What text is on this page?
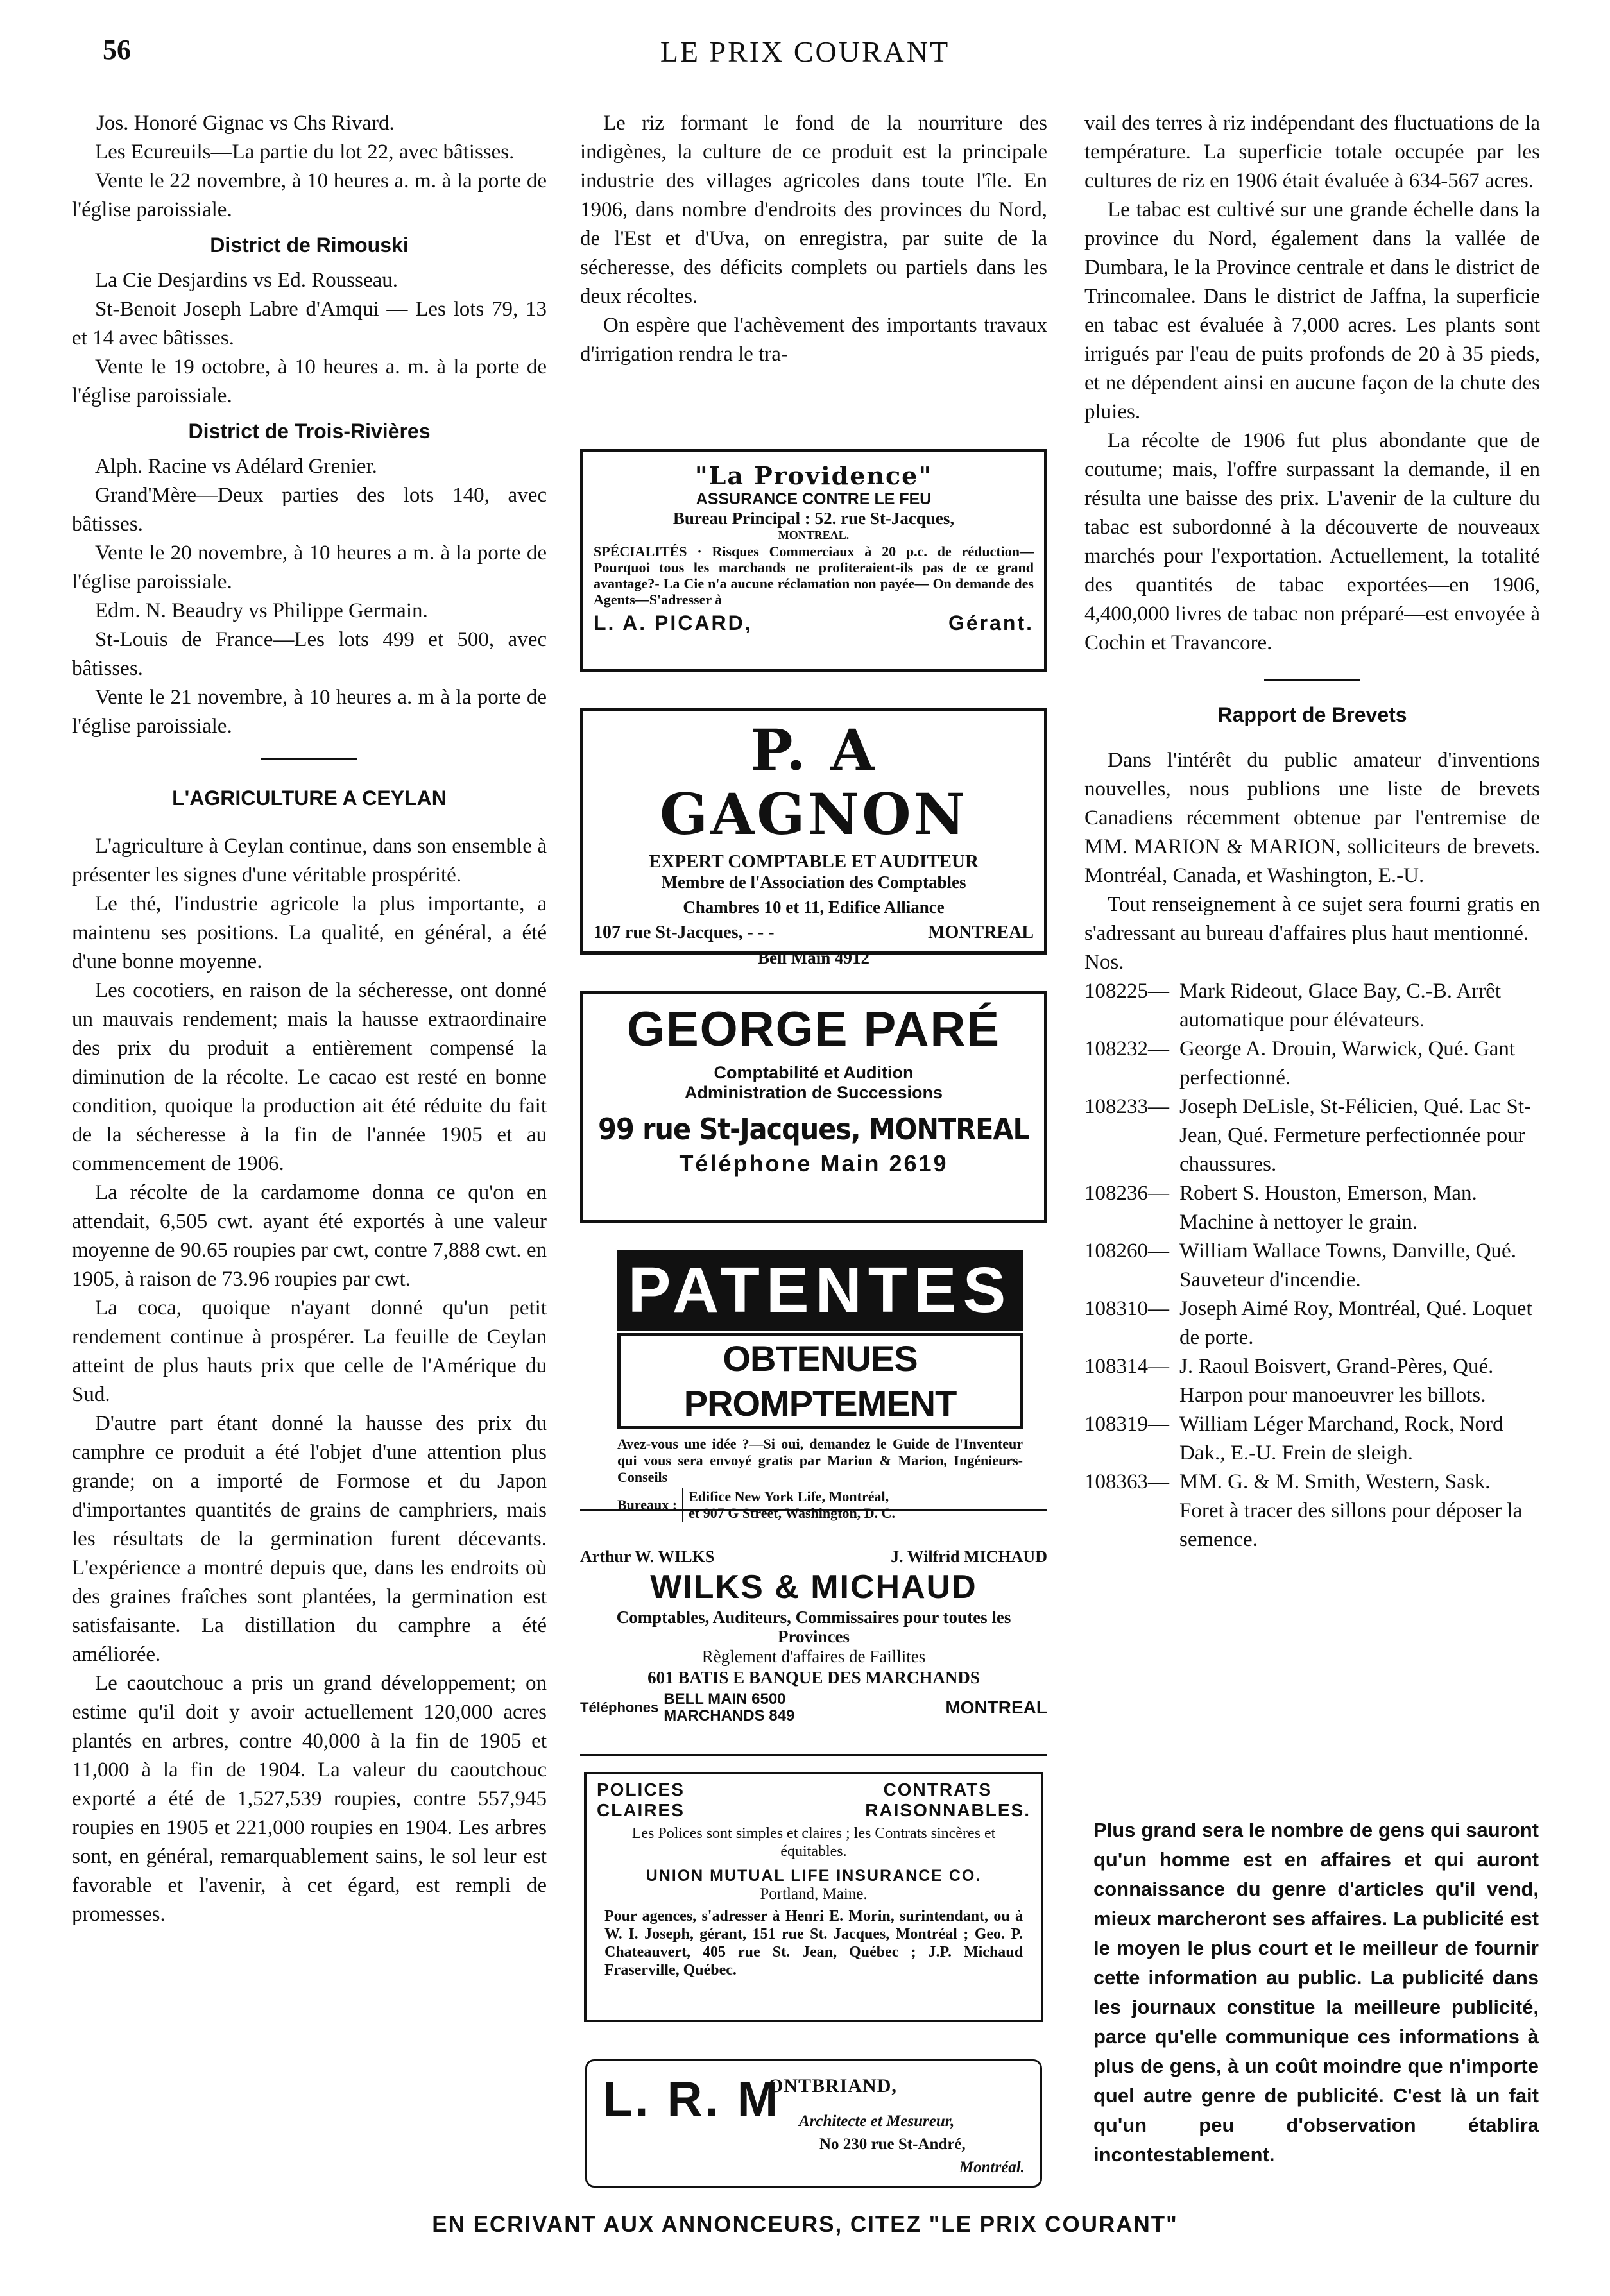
56	LE PRIX COURANT

Jos. Honoré Gignac vs Chs Rivard.

Les Ecureuils—La partie du lot 22, avec bâtisses.

Vente le 22 novembre, à 10 heures a. m. à la porte de l'église paroissiale.

District de Rimouski

La Cie Desjardins vs Ed. Rousseau.

St-Benoit Joseph Labre d'Amqui — Les lots 79, 13 et 14 avec bâtisses.

Vente le 19 octobre, à 10 heures a. m. à la porte de l'église paroissiale.

District de Trois-Rivières

Alph. Racine vs Adélard Grenier.

Grand'Mère—Deux parties des lots 140, avec bâtisses.

Vente le 20 novembre, à 10 heures a m. à la porte de l'église paroissiale.

Edm. N. Beaudry vs Philippe Germain.

St-Louis de France—Les lots 499 et 500, avec bâtisses.

Vente le 21 novembre, à 10 heures a. m à la porte de l'église paroissiale.

L'AGRICULTURE A CEYLAN

L'agriculture à Ceylan continue, dans son ensemble à présenter les signes d'une véritable prospérité.

Le thé, l'industrie agricole la plus importante, a maintenu ses positions. La qualité, en général, a été d'une bonne moyenne.

Les cocotiers, en raison de la sécheresse, ont donné un mauvais rendement; mais la hausse extraordinaire des prix du produit a entièrement compensé la diminution de la récolte. Le cacao est resté en bonne condition, quoique la production ait été réduite du fait de la sécheresse à la fin de l'année 1905 et au commencement de 1906.

La récolte de la cardamome donna ce qu'on en attendait, 6,505 cwt. ayant été exportés à une valeur moyenne de 90.65 roupies par cwt, contre 7,888 cwt. en 1905, à raison de 73.96 roupies par cwt.

La coca, quoique n'ayant donné qu'un petit rendement continue à prospérer. La feuille de Ceylan atteint de plus hauts prix que celle de l'Amérique du Sud.

D'autre part étant donné la hausse des prix du camphre ce produit a été l'objet d'une attention plus grande; on a importé de Formose et du Japon d'importantes quantités de grains de camphriers, mais les résultats de la germination furent décevants. L'expérience a montré depuis que, dans les endroits où des graines fraîches sont plantées, la germination est satisfaisante. La distillation du camphre a été améliorée.

Le caoutchouc a pris un grand développement; on estime qu'il doit y avoir actuellement 120,000 acres plantés en arbres, contre 40,000 à la fin de 1905 et 11,000 à la fin de 1904. La valeur du caoutchouc exporté a été de 1,527,539 roupies, contre 557,945 roupies en 1905 et 221,000 roupies en 1904. Les arbres sont, en général, remarquablement sains, le sol leur est favorable et l'avenir, à cet égard, est rempli de promesses.

Le riz formant le fond de la nourriture des indigènes, la culture de ce produit est la principale industrie des villages agricoles dans toute l'île. En 1906, dans nombre d'endroits des provinces du Nord, de l'Est et d'Uva, on enregistra, par suite de la sécheresse, des déficits complets ou partiels dans les deux récoltes.

On espère que l'achèvement des importants travaux d'irrigation rendra le tra-

"La Providence"
ASSURANCE CONTRE LE FEU
Bureau Principal : 52. rue St-Jacques,
MONTREAL.
SPÉCIALITÉS · Risques Commerciaux à 20 p.c. de réduction—Pourquoi tous les marchands ne profiteraient-ils pas de ce grand avantage?- La Cie n'a aucune réclamation non payée— On demande des Agents—S'adresser à
L. A. PICARD,	Gérant.
P. A GAGNON
EXPERT COMPTABLE ET AUDITEUR
Membre de l'Association des Comptables
Chambres 10 et 11, Edifice Alliance
107 rue St-Jacques, - - -	MONTREAL
Bell Main 4912
GEORGE PARÉ
Comptabilité et Audition
Administration de Successions
99 rue St-Jacques, MONTREAL
Téléphone Main 2619
PATENTES
OBTENUES PROMPTEMENT
Avez-vous une idée ?—Si oui, demandez le Guide de l'Inventeur qui vous sera envoyé gratis par Marion & Marion, Ingénieurs-Conseils
Bureaux :
Edifice New York Life, Montréal,
et 907 G Street, Washington, D. C.
Arthur W. WILKS	J. Wilfrid MICHAUD
WILKS & MICHAUD
Comptables, Auditeurs, Commissaires pour toutes les Provinces
Règlement d'affaires de Faillites
601 BATIS E BANQUE DES MARCHANDS
Téléphones BELL MAIN 6500
MARCHANDS 849	MONTREAL
POLICES	CONTRATS
CLAIRES	RAISONNABLES.
Les Polices sont simples et claires ; les Contrats sincères et équitables.
UNION MUTUAL LIFE INSURANCE CO.
Portland, Maine.
Pour agences, s'adresser à Henri E. Morin, surintendant, ou à W. I. Joseph, gérant, 151 rue St. Jacques, Montréal ; Geo. P. Chateauvert, 405 rue St. Jean, Québec ; J.P. Michaud Fraserville, Québec.
L. R. M
ONTBRIAND,
Architecte et Mesureur,
No 230 rue St-André,
Montréal.

vail des terres à riz indépendant des fluctuations de la température. La superficie totale occupée par les cultures de riz en 1906 était évaluée à 634-567 acres.

Le tabac est cultivé sur une grande échelle dans la province du Nord, également dans la vallée de Dumbara, le la Province centrale et dans le district de Trincomalee. Dans le district de Jaffna, la superficie en tabac est évaluée à 7,000 acres. Les plants sont irrigués par l'eau de puits profonds de 20 à 35 pieds, et ne dépendent ainsi en aucune façon de la chute des pluies.

La récolte de 1906 fut plus abondante que de coutume; mais, l'offre surpassant la demande, il en résulta une baisse des prix. L'avenir de la culture du tabac est subordonné à la découverte de nouveaux marchés pour l'exportation. Actuellement, la totalité des quantités de tabac exportées—en 1906, 4,400,000 livres de tabac non préparé—est envoyée à Cochin et Travancore.

Rapport de Brevets

Dans l'intérêt du public amateur d'inventions nouvelles, nous publions une liste de brevets Canadiens récemment obtenue par l'entremise de MM. MARION & MARION, solliciteurs de brevets. Montréal, Canada, et Washington, E.-U.

Tout renseignement à ce sujet sera fourni gratis en s'adressant au bureau d'affaires plus haut mentionné.

Nos.

108225— Mark Rideout, Glace Bay, C.-B. Arrêt automatique pour élévateurs.
108232— George A. Drouin, Warwick, Qué. Gant perfectionné.
108233— Joseph DeLisle, St-Félicien, Qué. Lac St-Jean, Qué. Fermeture perfectionnée pour chaussures.
108236— Robert S. Houston, Emerson, Man. Machine à nettoyer le grain.
108260— William Wallace Towns, Danville, Qué. Sauveteur d'incendie.
108310— Joseph Aimé Roy, Montréal, Qué. Loquet de porte.
108314— J. Raoul Boisvert, Grand-Pères, Qué. Harpon pour manoeuvrer les billots.
108319— William Léger Marchand, Rock, Nord Dak., E.-U. Frein de sleigh.
108363— MM. G. & M. Smith, Western, Sask. Foret à tracer des sillons pour déposer la semence.
Plus grand sera le nombre de gens qui sauront qu'un homme est en affaires et qui auront connaissance du genre d'articles qu'il vend, mieux marcheront ses affaires. La publicité est le moyen le plus court et le meilleur de fournir cette information au public. La publicité dans les journaux constitue la meilleure publicité, parce qu'elle communique ces informations à plus de gens, à un coût moindre que n'importe quel autre genre de publicité. C'est là un fait qu'un peu d'observation établira incontestablement.
EN ECRIVANT AUX ANNONCEURS, CITEZ "LE PRIX COURANT"
